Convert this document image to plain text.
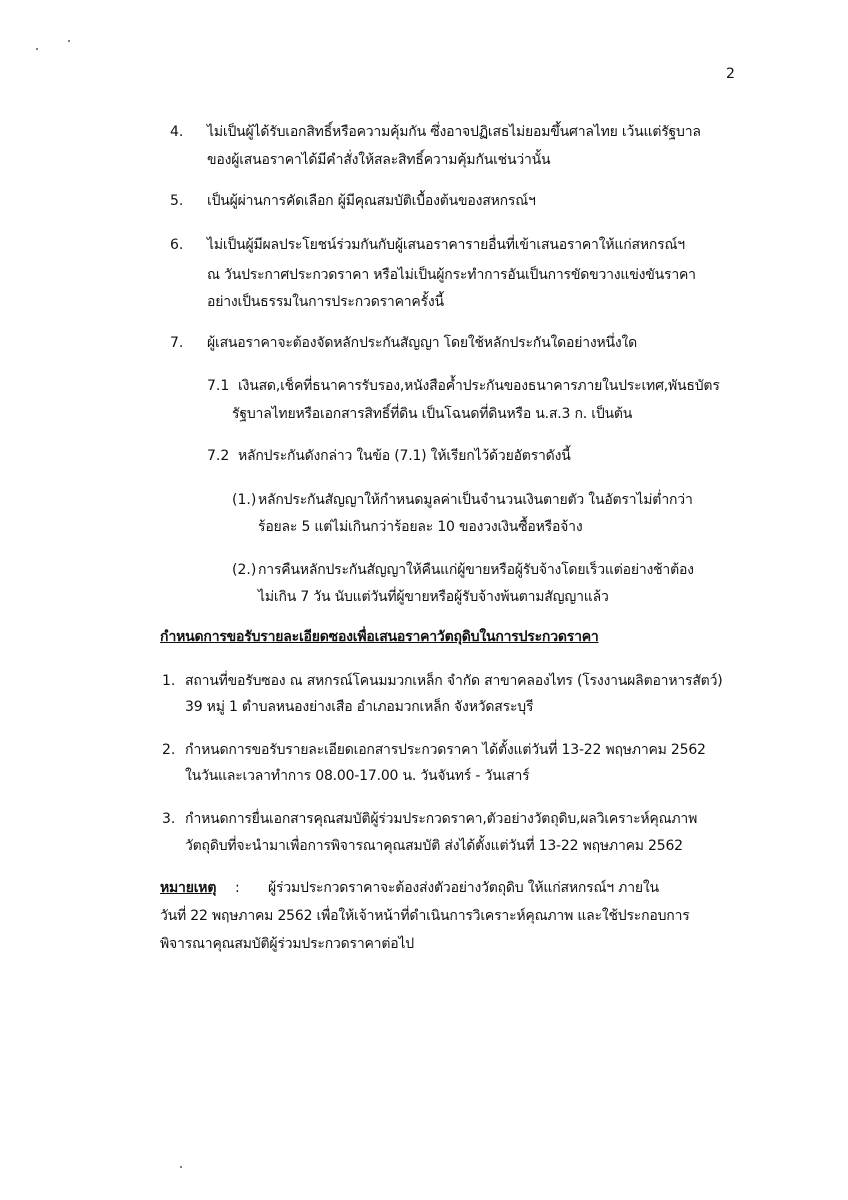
2
4. ไม่เป็นผู้ได้รับเอกสิทธิ์หรือความคุ้มกัน ซึ่งอาจปฏิเสธไม่ยอมขึ้นศาลไทย เว้นแต่รัฐบาล
ของผู้เสนอราคาได้มีคำสั่งให้สละสิทธิ์ความคุ้มกันเช่นว่านั้น
5. เป็นผู้ผ่านการคัดเลือก ผู้มีคุณสมบัติเบื้องต้นของสหกรณ์ฯ
6. ไม่เป็นผู้มีผลประโยชน์ร่วมกันกับผู้เสนอราคารายอื่นที่เข้าเสนอราคาให้แก่สหกรณ์ฯ
ณ วันประกาศประกวดราคา หรือไม่เป็นผู้กระทำการอันเป็นการขัดขวางแข่งขันราคา
อย่างเป็นธรรมในการประกวดราคาครั้งนี้
7. ผู้เสนอราคาจะต้องจัดหลักประกันสัญญา โดยใช้หลักประกันใดอย่างหนึ่งใด
7.1 เงินสด,เช็คที่ธนาคารรับรอง,หนังสือค้ำประกันของธนาคารภายในประเทศ,พันธบัตร
รัฐบาลไทยหรือเอกสารสิทธิ์ที่ดิน เป็นโฉนดที่ดินหรือ น.ส.3 ก. เป็นต้น
7.2 หลักประกันดังกล่าว ในข้อ (7.1) ให้เรียกไว้ด้วยอัตราดังนี้
(1.) หลักประกันสัญญาให้กำหนดมูลค่าเป็นจำนวนเงินตายตัว ในอัตราไม่ต่ำกว่า
ร้อยละ 5 แต่ไม่เกินกว่าร้อยละ 10 ของวงเงินซื้อหรือจ้าง
(2.) การคืนหลักประกันสัญญาให้คืนแก่ผู้ขายหรือผู้รับจ้างโดยเร็วแต่อย่างช้าต้อง
ไม่เกิน 7 วัน นับแต่วันที่ผู้ขายหรือผู้รับจ้างพ้นตามสัญญาแล้ว
กำหนดการขอรับรายละเอียดซองเพื่อเสนอราคาวัตถุดิบในการประกวดราคา
1. สถานที่ขอรับซอง ณ สหกรณ์โคนมมวกเหล็ก จำกัด สาขาคลองไทร (โรงงานผลิตอาหารสัตว์)
39 หมู่ 1 ตำบลหนองย่างเสือ อำเภอมวกเหล็ก จังหวัดสระบุรี
2. กำหนดการขอรับรายละเอียดเอกสารประกวดราคา ได้ตั้งแต่วันที่ 13-22 พฤษภาคม 2562
ในวันและเวลาทำการ 08.00-17.00 น. วันจันทร์ - วันเสาร์
3. กำหนดการยื่นเอกสารคุณสมบัติผู้ร่วมประกวดราคา,ตัวอย่างวัตถุดิบ,ผลวิเคราะห์คุณภาพ
วัตถุดิบที่จะนำมาเพื่อการพิจารณาคุณสมบัติ ส่งได้ตั้งแต่วันที่ 13-22 พฤษภาคม 2562
หมายเหตุ : ผู้ร่วมประกวดราคาจะต้องส่งตัวอย่างวัตถุดิบ ให้แก่สหกรณ์ฯ ภายใน
วันที่ 22 พฤษภาคม 2562 เพื่อให้เจ้าหน้าที่ดำเนินการวิเคราะห์คุณภาพ และใช้ประกอบการ
พิจารณาคุณสมบัติผู้ร่วมประกวดราคาต่อไป
